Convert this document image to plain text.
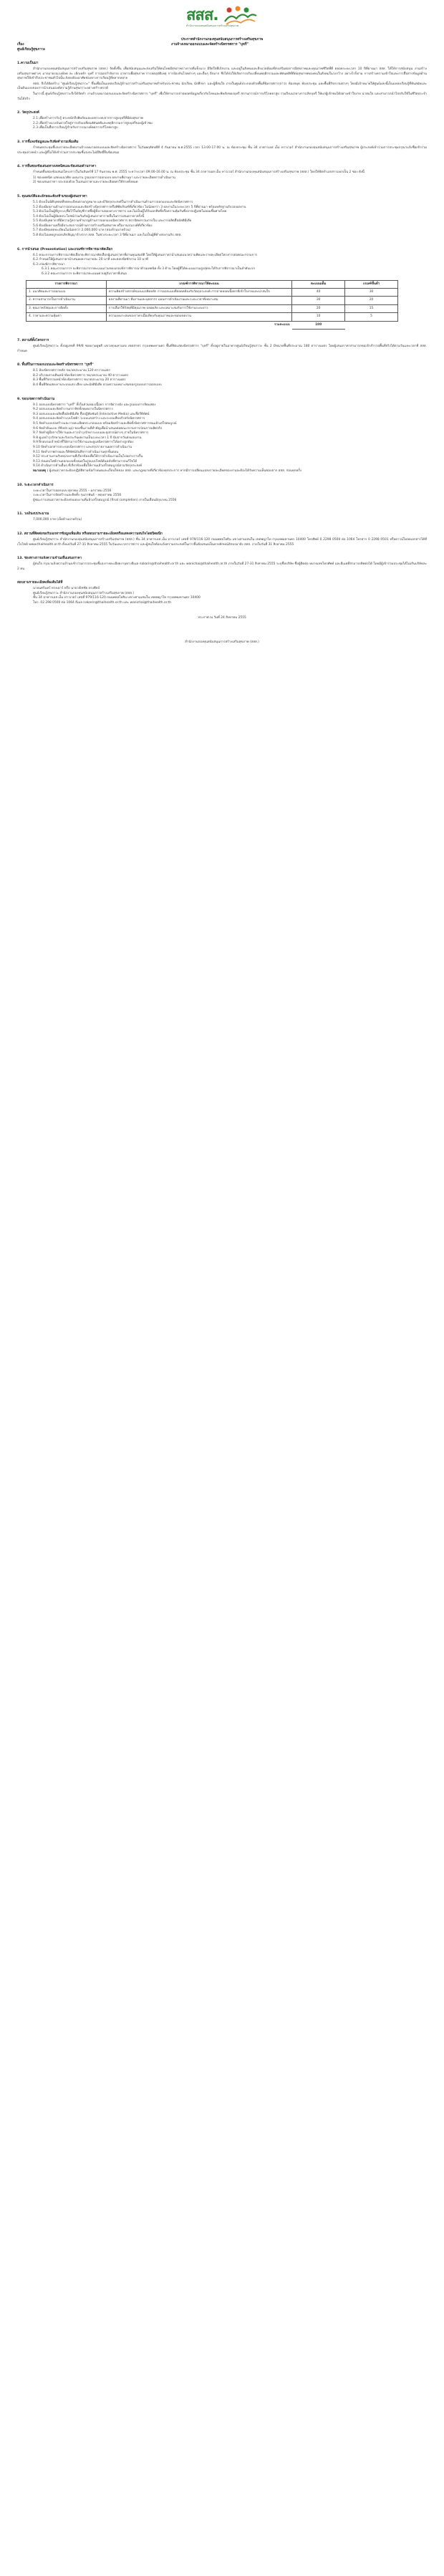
สสส.
สำนักงานกองทุนสนับสนุนการสร้างเสริมสุขภาพ
ประกาศสำนักงานกองทุนสนับสนุนการสร้างเสริมสุขภาพ
เรื่อง	งานจ้างเหมาออกแบบและจัดสร้างนิทรรศการ "บุหรี่"
ศูนย์เรียนรู้สุขภาวะ
1.ความเป็นมา

สำนักงานกองทุนสนับสนุนการสร้างเสริมสุขภาพ (สสส.) จัดตั้งขึ้น เพื่อสนับสนุนและส่งเสริมให้คนไทยมีสุขภาพร่างกายที่แข็งแรง มีจิตใจที่เบิกบาน และอยู่ในสังคมและสิ่งแวดล้อมที่ส่งเสริมต่อการมีสุขภาพและคุณภาพชีวิตที่ดี ตลอดระยะเวลา 10 ปีที่ผ่านมา สสส. ได้ให้การสนับสนุน งานสร้างเสริมสุขภาพต่างๆ มากมายรณรงค์ลด ละ เลิกเหล้า บุหรี่ การออกกำลังกาย อาหารเพื่อสุขภาพ การลดอุบัติเหตุ การป้องกันโรคต่างๆ และอื่นๆ อีกมาก ซึ่งได้ก่อให้เกิดการปรับเปลี่ยนพฤติกรรมและทัศนคติที่ดีต่อสุขภาพของคนในสังคมในวงกว้าง อย่างไรก็ตาม การสร้างความเข้าใจและการสื่อสารข้อมูลด้านสุขภาพให้เข้าถึงประชาชนทั่วไปนั้น ยังคงต้องอาศัยช่องทางการเรียนรู้ที่หลากหลาย

สสส. จึงได้จัดสร้าง "ศูนย์เรียนรู้สุขภาวะ" ขึ้นเพื่อเป็นแหล่งเรียนรู้ด้านการสร้างเสริมสุขภาพสำหรับประชาชน นักเรียน นักศึกษา และผู้ที่สนใจ ภายในศูนย์ประกอบด้วยพื้นที่นิทรรศการถาวร ห้องสมุด ห้องประชุม และพื้นที่กิจกรรมต่างๆ โดยมีเป้าหมายให้ศูนย์แห่งนี้เป็นแหล่งเรียนรู้ที่ทันสมัยและเป็นต้นแบบของการนำเสนอองค์ความรู้ด้านสุขภาวะอย่างสร้างสรรค์

ในการนี้ ศูนย์เรียนรู้สุขภาวะจึงได้จัดทำ งานจ้างเหมาออกแบบและจัดสร้างนิทรรศการ "บุหรี่" เพื่อให้สามารถถ่ายทอดข้อมูลเกี่ยวกับโทษและพิษภัยของบุหรี่ สถานการณ์การบริโภคยาสูบ รวมถึงแนวทางการเลิกบุหรี่ ให้แก่ผู้เข้าชมได้อย่างเข้าใจง่าย น่าสนใจ และสามารถนำไปปรับใช้ในชีวิตประจำวันได้จริง

2. วัตถุประสงค์
2.1 เพื่อสร้างการรับรู้ ตระหนักถึงพิษภัยและผลกระทบจากการสูบบุหรี่ที่มีต่อสุขภาพ
2.2 เพื่อสร้างแรงบันดาลใจสู่การปรับเปลี่ยนทัศนคติและพฤติกรรมการสูบบุหรี่ของผู้เข้าชม
2.3 เพื่อเป็นสื่อการเรียนรู้สำหรับการรณรงค์ลดการบริโภคยาสูบ
3. การชี้แจงข้อมูลและรับฟังคำถามเพิ่มเติม

กำหนดประชุมชี้แจงรายละเอียดงานจ้างเหมาออกแบบและจัดสร้างนิทรรศการ ในวันพฤหัสบดีที่ 4 กันยายน พ.ศ.2555 เวลา 13.00-17.00 น. ณ ห้องประชุม ชั้น 34 อาคารเอส เอ็ม ทาวเวอร์ สำนักงานกองทุนสนับสนุนการสร้างเสริมสุขภาพ ผู้ประสงค์เข้าร่วมการประชุมกรุณาแจ้งชื่อเข้าร่วมประชุมล่วงหน้า และผู้ที่ไม่ได้เข้าร่วมการประชุมชี้แจงจะไม่มีสิทธิ์ยื่นข้อเสนอ

4. การยื่นซองข้อเสนอทางเทคนิคและข้อเสนอด้านราคา

กำหนดยื่นซองข้อเสนอโครงการในวันจันทร์ที่ 17 กันยายน พ.ศ. 2555 ระหว่างเวลา 09.00-16.00 น. ณ ห้องประชุม ชั้น 34 อาคารเอส เอ็ม ทาวเวอร์ สำนักงานกองทุนสนับสนุนการสร้างเสริมสุขภาพ (สสส.) โดยให้จัดทำเอกสารแยกเป็น 2 ซอง ดังนี้

1) ซองเทคนิค แสดงแนวคิด แผนงาน รูปแบบการออกแบบ ผลงานที่ผ่านมา และรายละเอียดการดำเนินงาน
2) ซองเสนอราคา ประกอบด้วย ใบเสนอราคาและรายละเอียดค่าใช้จ่ายทั้งหมด
5. คุณสมบัติและลักษณะต้องห้ามของผู้เสนอราคา
5.1 ต้องเป็นนิติบุคคลที่จดทะเบียนตามกฎหมาย และมีวัตถุประสงค์ในการดำเนินงานด้านการออกแบบและจัดนิทรรศการ
5.2 ต้องมีผลงานด้านการออกแบบและจัดสร้างนิทรรศการหรือพิพิธภัณฑ์ที่เกี่ยวข้อง ไม่น้อยกว่า 3 ผลงานในระยะเวลา 5 ปีที่ผ่านมา พร้อมหลักฐานรับรองผลงาน
5.3 ต้องไม่เป็นผู้ที่ถูกระบุชื่อไว้ในบัญชีรายชื่อผู้ทิ้งงานของทางราชการ และไม่เป็นผู้ได้รับเอกสิทธิ์หรือความคุ้มกันซึ่งอาจปฏิเสธไม่ยอมขึ้นศาลไทย
5.4 ต้องไม่เป็นผู้มีผลประโยชน์ร่วมกันกับผู้เสนอราคารายอื่นในการเสนอราคาครั้งนี้
5.5 ต้องมีบุคลากรที่มีความรู้ความชำนาญด้านการออกแบบนิทรรศการ สถาปัตยกรรมภายใน และการผลิตสื่อมัลติมีเดีย
5.6 ต้องมีผลงานหรือมีประสบการณ์ด้านการสร้างเสริมสุขภาพ หรืองานรณรงค์ที่เกี่ยวข้อง
5.7 ต้องมีทุนจดทะเบียนไม่น้อยกว่า 2,000,000 บาท (สองล้านบาทถ้วน)
5.8 ต้องไม่เคยถูกบอกเลิกสัญญาจ้างจาก สสส. ในช่วงระยะเวลา 3 ปีที่ผ่านมา และไม่เป็นผู้ที่ค้างส่งงานกับ สสส.
6. การนำเสนอ (Presentation) และเกณฑ์การพิจารณาคัดเลือก
6.1 คณะกรรมการพิจารณาคัดเลือกจะพิจารณาคัดเลือกผู้เสนอราคาที่ผ่านคุณสมบัติ โดยให้ผู้เสนอราคานำเสนอแนวความคิดและรายละเอียดโครงการต่อคณะกรรมการ
6.2 กำหนดให้ผู้เสนอราคานำเสนอผลงานรายละ 20 นาที และตอบข้อซักถาม 10 นาที
6.3 เกณฑ์การพิจารณา
6.3.1 คณะกรรมการฯ จะพิจารณาจากคะแนนรวมของเกณฑ์การพิจารณาด้านเทคนิค ทั้ง 3 ด้าน โดยผู้ที่ได้คะแนนรวมสูงสุดจะได้รับการพิจารณาเป็นลำดับแรก
6.3.2 คณะกรรมการฯ จะพิจารณาคะแนนควบคู่กับราคาที่เสนอ
รายการพิจารณา	เกณฑ์การพิจารณาให้คะแนน	คะแนนเต็ม	เกณฑ์ขั้นต่ำ
1. แนวคิดและการออกแบบ	ความคิดสร้างสรรค์ของแนวคิดหลัก การออกแบบที่สอดคล้องกับวัตถุประสงค์ การถ่ายทอดเนื้อหาที่เข้าใจง่ายและน่าสนใจ	40	30
2. ความสามารถในการดำเนินงาน	ผลงานที่ผ่านมา ทีมงานและบุคลากร แผนการดำเนินงานและระยะเวลาที่เหมาะสม	30	20
3. คุณภาพวัสดุและการติดตั้ง	การเลือกใช้วัสดุที่มีคุณภาพ ปลอดภัย และเหมาะสมกับการใช้งานระยะยาว	20	15
4. ราคาและความคุ้มค่า	ความเหมาะสมของราคาเมื่อเทียบกับคุณภาพและขอบเขตงาน	10	5
	รวมคะแนน	100	
7. สถานที่ตั้งโครงการ

ศูนย์เรียนรู้สุขภาวะ ตั้งอยู่เลขที่ 99/8 ซอยงามดูพลี แขวงทุ่งมหาเมฆ เขตสาทร กรุงเทพมหานคร พื้นที่จัดแสดงนิทรรศการ "บุหรี่" ตั้งอยู่ภายในอาคารศูนย์เรียนรู้สุขภาวะ ชั้น 2 มีขนาดพื้นที่ประมาณ 180 ตารางเมตร โดยผู้เสนอราคาสามารถขอเข้าสำรวจพื้นที่จริงได้ตามวันและเวลาที่ สสส. กำหนด

8. พื้นที่ในการออกแบบและจัดสร้างนิทรรศการ "บุหรี่"
8.1 ห้องนิทรรศการหลัก ขนาดประมาณ 120 ตารางเมตร
8.2 บริเวณทางเดินหน้าห้องนิทรรศการ ขนาดประมาณ 40 ตารางเมตร
8.3 พื้นที่กิจกรรมหน้าห้องนิทรรศการ ขนาดประมาณ 20 ตารางเมตร
8.4 พื้นที่จัดแสดงงานระบบแสง เสียง และมัลติมีเดีย ตามความเหมาะสมของรูปแบบการออกแบบ
9. ขอบเขตการดำเนินงาน
9.1 ออกแบบนิทรรศการ "บุหรี่" ทั้งในส่วนของเนื้อหา การจัดวางผัง และรูปแบบการจัดแสดง
9.2 ออกแบบและจัดทำงานกราฟิกทั้งหมดภายในนิทรรศการ
9.3 ออกแบบและผลิตสื่อมัลติมีเดีย สื่อปฏิสัมพันธ์ (Interactive Media) และสื่อวีดิทัศน์
9.4 ออกแบบและจัดทำระบบไฟฟ้า ระบบแสงสว่าง และระบบเสียงสำหรับนิทรรศการ
9.5 จัดทำแบบก่อสร้างและรายละเอียดประกอบแบบ พร้อมจัดสร้างและติดตั้งนิทรรศการจนแล้วเสร็จสมบูรณ์
9.6 จัดทำต้นแบบ (Mock-up) ของชิ้นงานที่สำคัญเพื่อนำเสนอต่อคณะกรรมการก่อนการผลิตจริง
9.7 จัดทำคู่มือการใช้งานและการบำรุงรักษาระบบและอุปกรณ์ต่างๆ ภายในนิทรรศการ
9.8 ดูแลบำรุงรักษาและรับประกันผลงานเป็นระยะเวลา 1 ปี นับจากวันส่งมอบงาน
9.9 ฝึกอบรมเจ้าหน้าที่ให้สามารถใช้งานและดูแลนิทรรศการได้อย่างถูกต้อง
9.10 จัดทำเอกสารประกอบนิทรรศการ และสรุปรายงานผลการดำเนินงาน
9.11 จัดทำภาพถ่ายและวีดิทัศน์บันทึกการดำเนินงานทุกขั้นตอน
9.12 ประสานงานกับหน่วยงานที่เกี่ยวข้องเพื่อให้การดำเนินงานเป็นไปอย่างราบรื่น
9.13 ส่งมอบไฟล์งานออกแบบทั้งหมดในรูปแบบไฟล์ต้นฉบับที่สามารถแก้ไขได้
9.14 ดำเนินการด้านอื่นๆ ที่เกี่ยวข้องเพื่อให้งานแล้วเสร็จสมบูรณ์ตามวัตถุประสงค์

หมายเหตุ : ผู้เสนอราคาจะต้องปฏิบัติตามข้อกำหนดและเงื่อนไขของ สสส. และกฎหมายที่เกี่ยวข้องทุกประการ หากมีการเปลี่ยนแปลงรายละเอียดของงานจะต้องได้รับความเห็นชอบจาก สสส. ก่อนทุกครั้ง

10. ระยะเวลาดำเนินการ
ระยะเวลาในการออกแบบ ตุลาคม 2555 – มกราคม 2556
ระยะเวลาในการจัดสร้างและติดตั้ง กุมภาพันธ์ – พฤษภาคม 2556
ผู้ชนะการเสนอราคาจะต้องส่งมอบงานที่แล้วเสร็จสมบูรณ์ (final completion) ภายในเดือนมิถุนายน 2556
11. วงเงินงบประมาณ
7,000,000 บาท (เจ็ดล้านบาทถ้วน)
12. สถานที่ติดต่อขอรับเอกสารข้อมูลเพิ่มเติม หรือสอบถามรายละเอียดหรือแสดงความสนใจโดยปิดผนึก

ศูนย์เรียนรู้สุขภาวะ สำนักงานกองทุนสนับสนุนการสร้างเสริมสุขภาพ (สสส.) ชั้น 34 อาคารเอส เอ็ม ทาวเวอร์ เลขที่ 979/116-120 ถนนพหลโยธิน แขวงสามเสนใน เขตพญาไท กรุงเทพมหานคร 10400 โทรศัพท์ 0 2298 0500 ต่อ 1064 โทรสาร 0 2298 0501 หรือดาวน์โหลดเอกสารได้ที่เว็บไซต์ www.thaihealth.or.th ตั้งแต่วันที่ 27-31 สิงหาคม 2555 ในวันและเวลาราชการ และผู้สนใจต้องแจ้งความประสงค์ในการยื่นข้อเสนอเป็นลายลักษณ์อักษรมายัง สสส. ภายในวันที่ 31 สิงหาคม 2555

13. ช่องทางการแจ้งความจำนงยื่นเสนอราคา

ผู้สนใจ กรุณาแจ้งความจำนงเข้าร่วมการประชุมชี้แจงรายละเอียดงานทางอีเมล nakarin@thaihealth.or.th และ wanichai@thaihealth.or.th ภายในวันที่ 27-31 สิงหาคม 2555 ระบุชื่อบริษัท ชื่อผู้ติดต่อ หมายเลขโทรศัพท์ และอีเมลที่สามารถติดต่อได้ โดยมีผู้เข้าร่วมประชุมได้ไม่เกินบริษัทละ 2 คน

สอบถามรายละเอียดเพิ่มเติมได้ที่
นายนครินทร์ ทรงเยาว์ หรือ นายวณิชชัย ทรงศิลป์
ศูนย์เรียนรู้สุขภาวะ สำนักงานกองทุนสนับสนุนการสร้างเสริมสุขภาพ (สสส.)
ชั้น 34 อาคารเอส เอ็ม ทาวเวอร์ เลขที่ 979/116-120 ถนนพหลโยธิน แขวงสามเสนใน เขตพญาไท กรุงเทพมหานคร 10400
โทร. 02 298 0500 ต่อ 1064 อีเมล nakarin@thaihealth.or.th และ wanichai@thaihealth.or.th
ประกาศ ณ วันที่ 24 สิงหาคม 2555
สำนักงานกองทุนสนับสนุนการสร้างเสริมสุขภาพ (สสส.)
